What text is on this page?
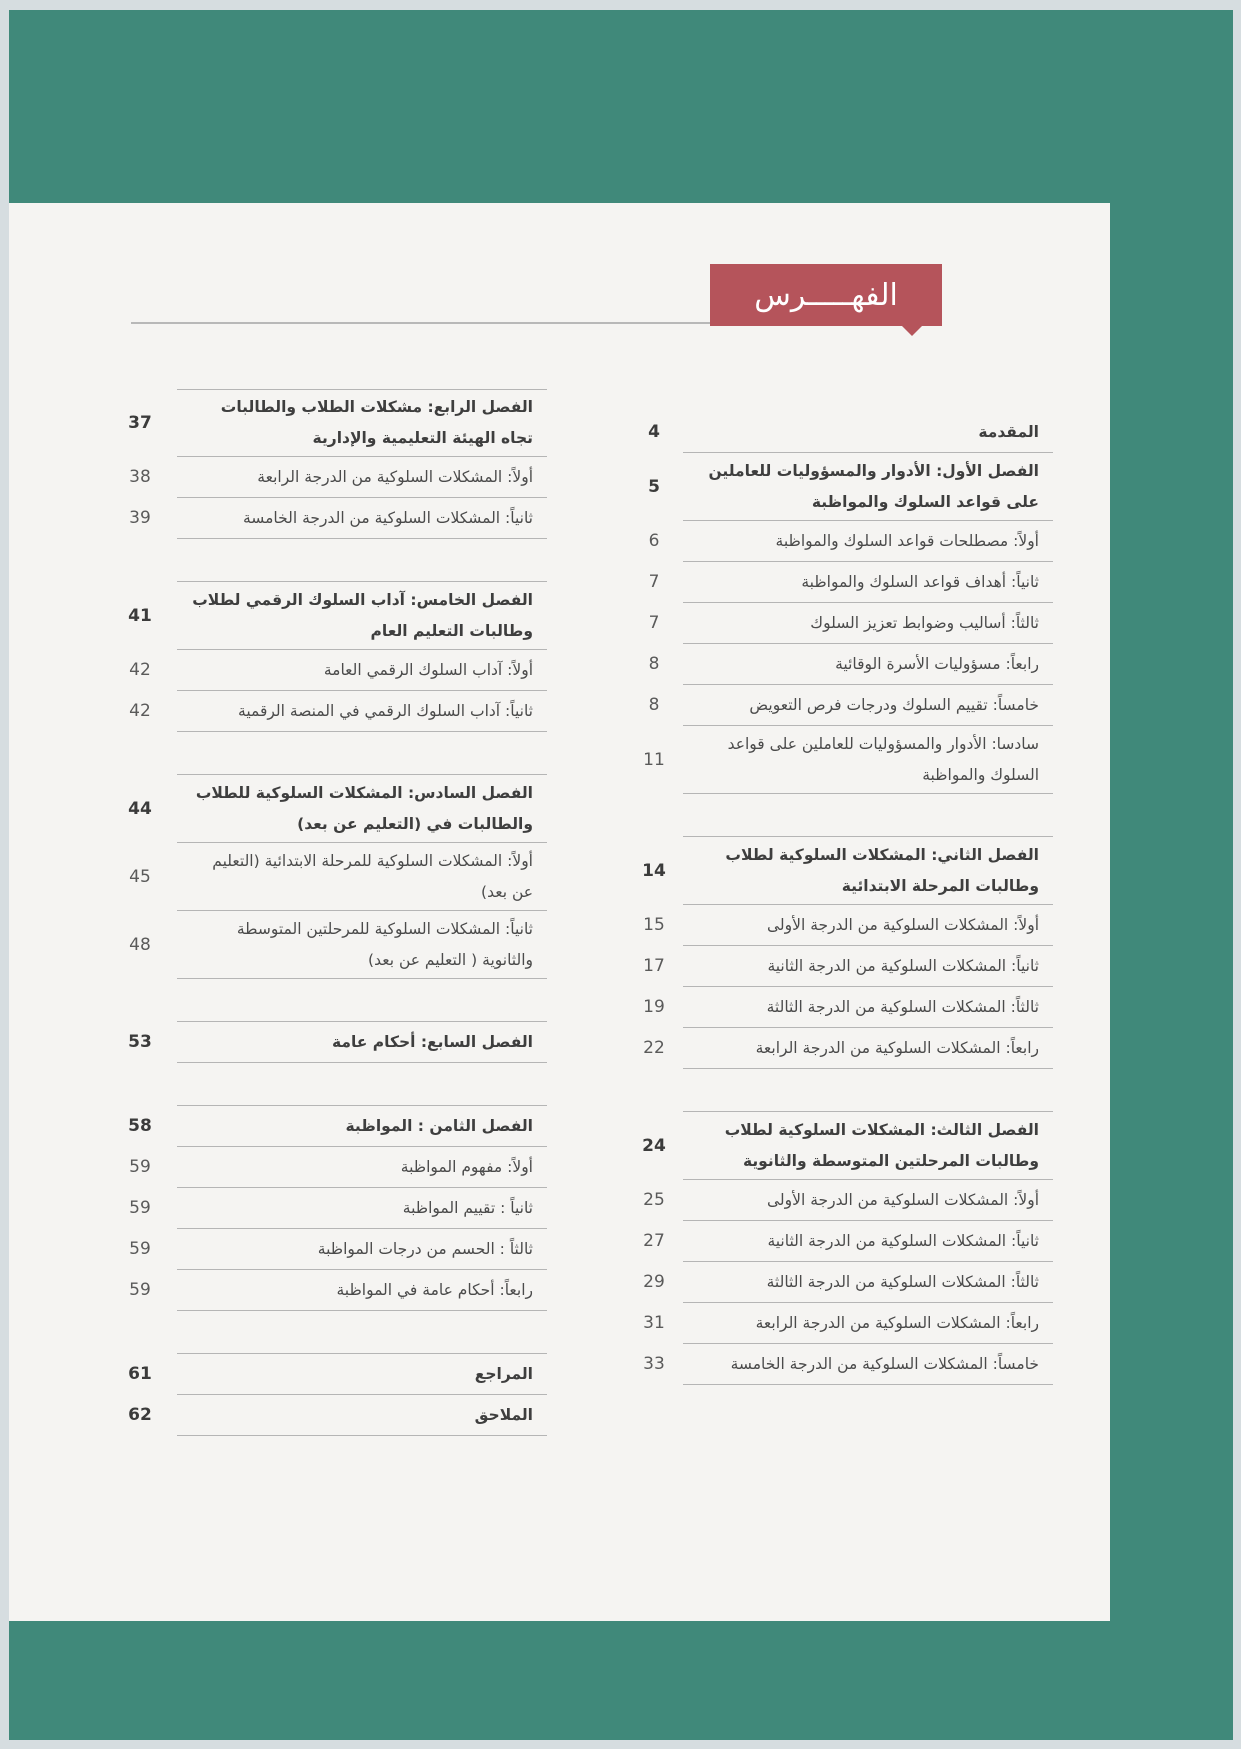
الفهـــــرس
المقدمة
4
الفصل الأول: الأدوار والمسؤوليات للعاملين على قواعد السلوك والمواظبة
5
أولاً: مصطلحات قواعد السلوك والمواظبة
6
ثانياً: أهداف قواعد السلوك والمواظبة
7
ثالثاً: أساليب وضوابط تعزيز السلوك
7
رابعاً: مسؤوليات الأسرة الوقائية
8
خامساً: تقييم السلوك ودرجات فرص التعويض
8
سادسا: الأدوار والمسؤوليات للعاملين على قواعد السلوك والمواظبة
11
الفصل الثاني: المشكلات السلوكية لطلاب وطالبات المرحلة الابتدائية
14
أولاً: المشكلات السلوكية من الدرجة الأولى
15
ثانياً: المشكلات السلوكية من الدرجة الثانية
17
ثالثاً: المشكلات السلوكية من الدرجة الثالثة
19
رابعاً: المشكلات السلوكية من الدرجة الرابعة
22
الفصل الثالث: المشكلات السلوكية لطلاب وطالبات المرحلتين المتوسطة والثانوية
24
أولاً: المشكلات السلوكية من الدرجة الأولى
25
ثانياً: المشكلات السلوكية من الدرجة الثانية
27
ثالثاً: المشكلات السلوكية من الدرجة الثالثة
29
رابعاً: المشكلات السلوكية من الدرجة الرابعة
31
خامساً: المشكلات السلوكية من الدرجة الخامسة
33
الفصل الرابع: مشكلات الطلاب والطالبات تجاه الهيئة التعليمية والإدارية
37
أولاً: المشكلات السلوكية من الدرجة الرابعة
38
ثانياً: المشكلات السلوكية من الدرجة الخامسة
39
الفصل الخامس: آداب السلوك الرقمي لطلاب وطالبات التعليم العام
41
أولاً: آداب السلوك الرقمي العامة
42
ثانياً: آداب السلوك الرقمي في المنصة الرقمية
42
الفصل السادس: المشكلات السلوكية للطلاب والطالبات في (التعليم عن بعد)
44
أولاً: المشكلات السلوكية للمرحلة الابتدائية (التعليم عن بعد)
45
ثانياً: المشكلات السلوكية للمرحلتين المتوسطة والثانوية ( التعليم عن بعد)
48
الفصل السابع: أحكام عامة
53
الفصل الثامن : المواظبة
58
أولاً: مفهوم المواظبة
59
ثانياً : تقييم المواظبة
59
ثالثاً : الحسم من درجات المواظبة
59
رابعاً: أحكام عامة في المواظبة
59
المراجع
61
الملاحق
62
